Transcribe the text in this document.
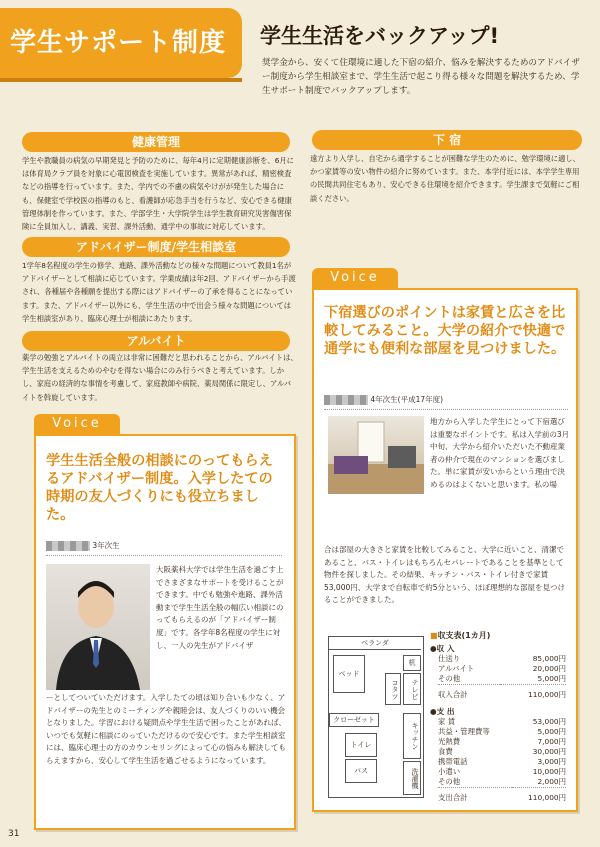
学生サポート制度 学生生活をバックアップ!
奨学金から、安くて住環境に適した下宿の紹介、悩みを解決するためのアドバイザー制度から学生相談室まで、学生生活で起こり得る様々な問題を解決するため、学生サポート制度でバックアップします。
健康管理
学生や教職員の病気の早期発見と予防のために、毎年4月に定期健康診断を、6月には体育局クラブ員を対象に心電図検査を実施しています。異常があれば、精密検査などの指導を行っています。また、学内での不慮の病気やけがが発生した場合にも、保健室で学校医の指導のもと、看護師が応急手当を行うなど、安心できる健康管理体制を作っています。また、学部学生・大学院学生は学生教育研究災害傷害保険に全員加入し、講義、実習、課外活動、通学中の事故に対応しています。
アドバイザー制度/学生相談室
1学年8名程度の学生の修学、進路、課外活動などの様々な問題について教員1名がアドバイザーとして相談に応じています。学業成績は年2回、アドバイザーから手渡され、各種届や各種願を提出する際にはアドバイザーの了承を得ることになっています。また、アドバイザー以外にも、学生生活の中で出会う様々な問題については学生相談室があり、臨床心理士が相談にあたります。
アルバイト
薬学の勉強とアルバイトの両立は非常に困難だと思われることから、アルバイトは、学生生活を支えるためのやむを得ない場合にのみ行うべきと考えています。しかし、家庭の経済的な事情を考慮して、家庭教師や病院、薬局関係に限定し、アルバイトを斡旋しています。
下 宿
遠方より入学し、自宅から通学することが困難な学生のために、勉学環境に適し、かつ家賃等の安い物件の紹介に努めています。また、本学付近には、本学学生専用の民間共同住宅もあり、安心できる住環境を紹介できます。学生課まで気軽にご相談ください。
Voice
学生生活全般の相談にのってもらえるアドバイザー制度。入学したての時期の友人づくりにも役立ちました。
3年次生
大阪薬科大学では学生生活を過ごす上でさまざまなサポートを受けることができます。中でも勉強や進路、課外活動まで学生生活全般の幅広い相談にのってもらえるのが「アドバイザー制度」です。各学年8名程度の学生に対し、一人の先生がアドバイザ
ーとしてついていただけます。入学したての頃は知り合いも少なく、アドバイザーの先生とのミーティングや親睦会は、友人づくりのいい機会となりました。学習における疑問点や学生生活で困ったことがあれば、いつでも気軽に相談にのっていただけるので安心です。また学生相談室には、臨床心理士の方のカウンセリングによって心の悩みも解決してもらえますから、安心して学生生活を過ごせるようになっています。
Voice
下宿選びのポイントは家賃と広さを比較してみること。大学の紹介で快適で通学にも便利な部屋を見つけました。
4年次生(平成17年度)
地方から入学した学生にとって下宿選びは重要なポイントです。私は入学前の3月中旬、大学から紹介いただいた不動産業者の仲介で現在のマンションを選びました。単に家賃が安いからという理由で決めるのはよくないと思います。私の場
合は部屋の大きさと家賃を比較してみること、大学に近いこと、清潔であること、バス・トイレはもちろんセパレートであることを基準として物件を探しました。その結果、キッチン・バス・トイレ付きで家賃53,000円、大学まで自転車で約5分という、ほぼ理想的な部屋を見つけることができました。
ベランダ
ベッド
机
テレビ
コタツ
クローゼット
トイレ
バス
キッチン
洗濯機
■収支表(1カ月)
●収 入
仕送り	85,000円
アルバイト	20,000円
その他	5,000円
収入合計	110,000円
●支 出
家 賃	53,000円
共益・管理費等	5,000円
光熱費	7,000円
食費	30,000円
携帯電話	3,000円
小遣い	10,000円
その他	2,000円
支出合計	110,000円
31
